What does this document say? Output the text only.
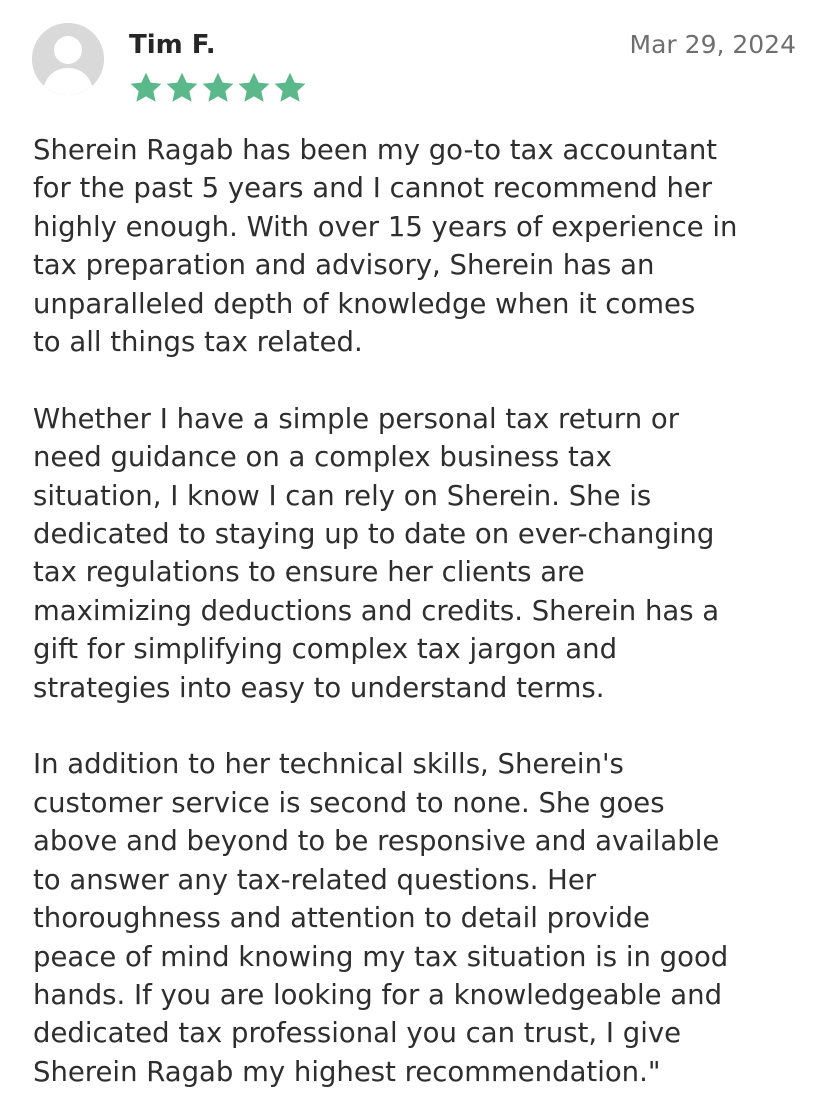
Tim F.	Mar 29, 2024

Sherein Ragab has been my go-to tax accountant
for the past 5 years and I cannot recommend her
highly enough. With over 15 years of experience in
tax preparation and advisory, Sherein has an
unparalleled depth of knowledge when it comes
to all things tax related.

Whether I have a simple personal tax return or
need guidance on a complex business tax
situation, I know I can rely on Sherein. She is
dedicated to staying up to date on ever-changing
tax regulations to ensure her clients are
maximizing deductions and credits. Sherein has a
gift for simplifying complex tax jargon and
strategies into easy to understand terms.

In addition to her technical skills, Sherein's
customer service is second to none. She goes
above and beyond to be responsive and available
to answer any tax-related questions. Her
thoroughness and attention to detail provide
peace of mind knowing my tax situation is in good
hands. If you are looking for a knowledgeable and
dedicated tax professional you can trust, I give
Sherein Ragab my highest recommendation."
